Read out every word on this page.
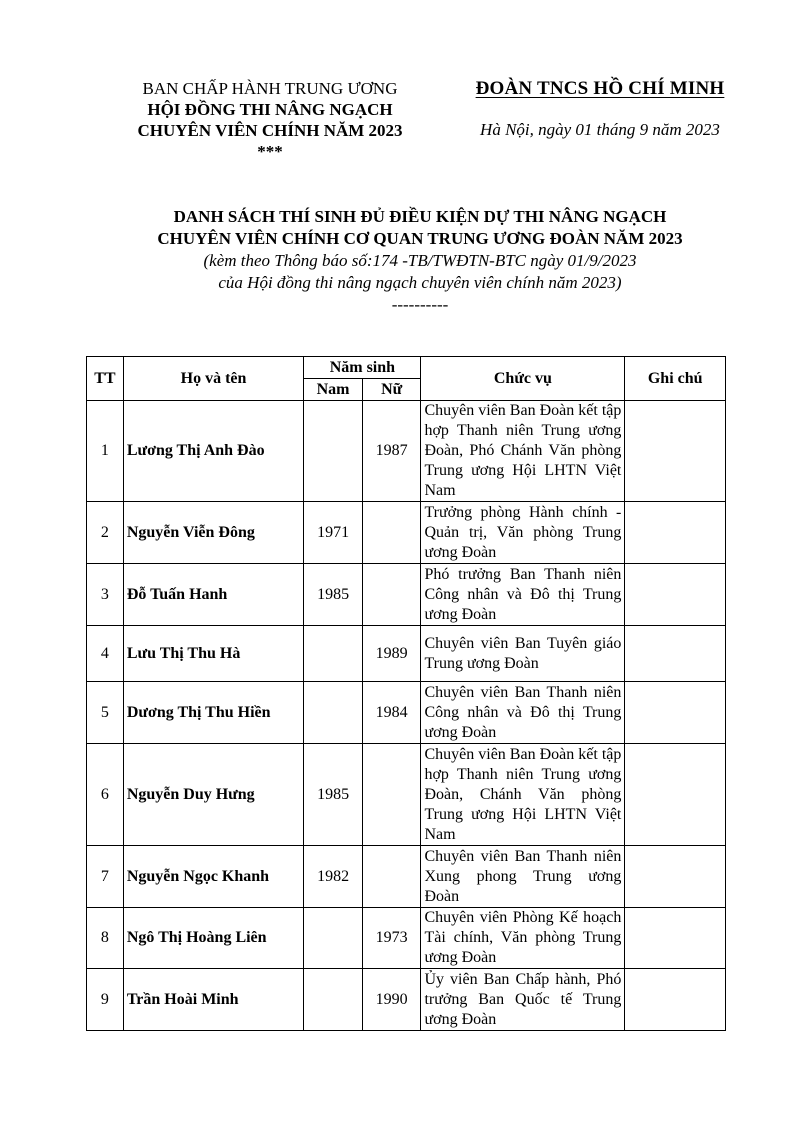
BAN CHẤP HÀNH TRUNG ƯƠNG
HỘI ĐỒNG THI NÂNG NGẠCH
CHUYÊN VIÊN CHÍNH NĂM 2023
***
ĐOÀN TNCS HỒ CHÍ MINH
Hà Nội, ngày 01 tháng 9 năm 2023
DANH SÁCH THÍ SINH ĐỦ ĐIỀU KIỆN DỰ THI NÂNG NGẠCH
CHUYÊN VIÊN CHÍNH CƠ QUAN TRUNG ƯƠNG ĐOÀN NĂM 2023
(kèm theo Thông báo số:174 -TB/TWĐTN-BTC ngày 01/9/2023
của Hội đồng thi nâng ngạch chuyên viên chính năm 2023)
----------
TT	Họ và tên	Năm sinh		Chức vụ	Ghi chú
		Nam	Nữ		
1	Lương Thị Anh Đào		1987	Chuyên viên Ban Đoàn kết tập hợp Thanh niên Trung ương Đoàn, Phó Chánh Văn phòng Trung ương Hội LHTN Việt Nam	
2	Nguyễn Viễn Đông	1971		Trưởng phòng Hành chính - Quản trị, Văn phòng Trung ương Đoàn	
3	Đỗ Tuấn Hanh	1985		Phó trưởng Ban Thanh niên Công nhân và Đô thị Trung ương Đoàn	
4	Lưu Thị Thu Hà		1989	Chuyên viên Ban Tuyên giáo Trung ương Đoàn	
5	Dương Thị Thu Hiền		1984	Chuyên viên Ban Thanh niên Công nhân và Đô thị Trung ương Đoàn	
6	Nguyễn Duy Hưng	1985		Chuyên viên Ban Đoàn kết tập hợp Thanh niên Trung ương Đoàn, Chánh Văn phòng Trung ương Hội LHTN Việt Nam	
7	Nguyễn Ngọc Khanh	1982		Chuyên viên Ban Thanh niên Xung phong Trung ương Đoàn	
8	Ngô Thị Hoàng Liên		1973	Chuyên viên Phòng Kế hoạch Tài chính, Văn phòng Trung ương Đoàn	
9	Trần Hoài Minh		1990	Ủy viên Ban Chấp hành, Phó trưởng Ban Quốc tế Trung ương Đoàn	
